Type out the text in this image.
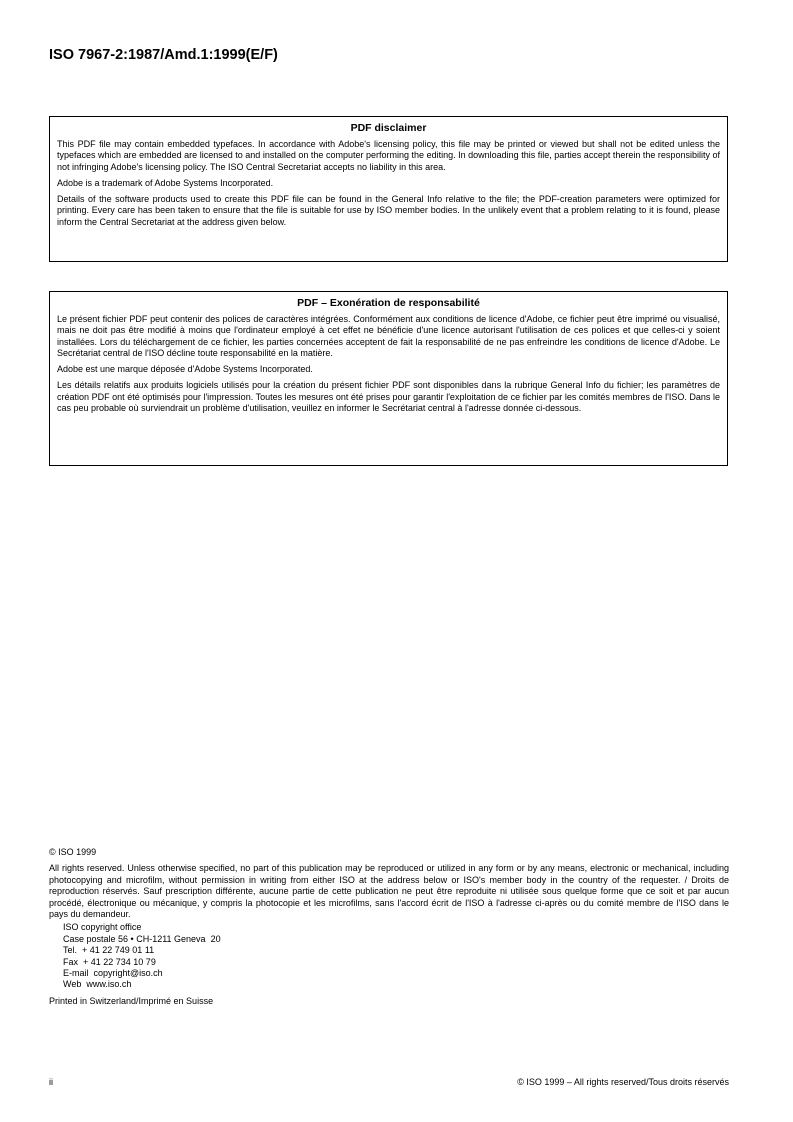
ISO 7967-2:1987/Amd.1:1999(E/F)
PDF disclaimer

This PDF file may contain embedded typefaces. In accordance with Adobe's licensing policy, this file may be printed or viewed but shall not be edited unless the typefaces which are embedded are licensed to and installed on the computer performing the editing. In downloading this file, parties accept therein the responsibility of not infringing Adobe's licensing policy. The ISO Central Secretariat accepts no liability in this area.

Adobe is a trademark of Adobe Systems Incorporated.

Details of the software products used to create this PDF file can be found in the General Info relative to the file; the PDF-creation parameters were optimized for printing. Every care has been taken to ensure that the file is suitable for use by ISO member bodies. In the unlikely event that a problem relating to it is found, please inform the Central Secretariat at the address given below.

PDF – Exonération de responsabilité

Le présent fichier PDF peut contenir des polices de caractères intégrées. Conformément aux conditions de licence d'Adobe, ce fichier peut être imprimé ou visualisé, mais ne doit pas être modifié à moins que l'ordinateur employé à cet effet ne bénéficie d'une licence autorisant l'utilisation de ces polices et que celles-ci y soient installées. Lors du téléchargement de ce fichier, les parties concernées acceptent de fait la responsabilité de ne pas enfreindre les conditions de licence d'Adobe. Le Secrétariat central de l'ISO décline toute responsabilité en la matière.

Adobe est une marque déposée d'Adobe Systems Incorporated.

Les détails relatifs aux produits logiciels utilisés pour la création du présent fichier PDF sont disponibles dans la rubrique General Info du fichier; les paramètres de création PDF ont été optimisés pour l'impression. Toutes les mesures ont été prises pour garantir l'exploitation de ce fichier par les comités membres de l'ISO. Dans le cas peu probable où surviendrait un problème d'utilisation, veuillez en informer le Secrétariat central à l'adresse donnée ci-dessous.

© ISO 1999

All rights reserved. Unless otherwise specified, no part of this publication may be reproduced or utilized in any form or by any means, electronic or mechanical, including photocopying and microfilm, without permission in writing from either ISO at the address below or ISO's member body in the country of the requester. / Droits de reproduction réservés. Sauf prescription différente, aucune partie de cette publication ne peut être reproduite ni utilisée sous quelque forme que ce soit et par aucun procédé, électronique ou mécanique, y compris la photocopie et les microfilms, sans l'accord écrit de l'ISO à l'adresse ci-après ou du comité membre de l'ISO dans le pays du demandeur.

ISO copyright office
Case postale 56 • CH-1211 Geneva  20
Tel.  + 41 22 749 01 11
Fax  + 41 22 734 10 79
E-mail  copyright@iso.ch
Web  www.iso.ch

Printed in Switzerland/Imprimé en Suisse

ii	© ISO 1999 – All rights reserved/Tous droits réservés
